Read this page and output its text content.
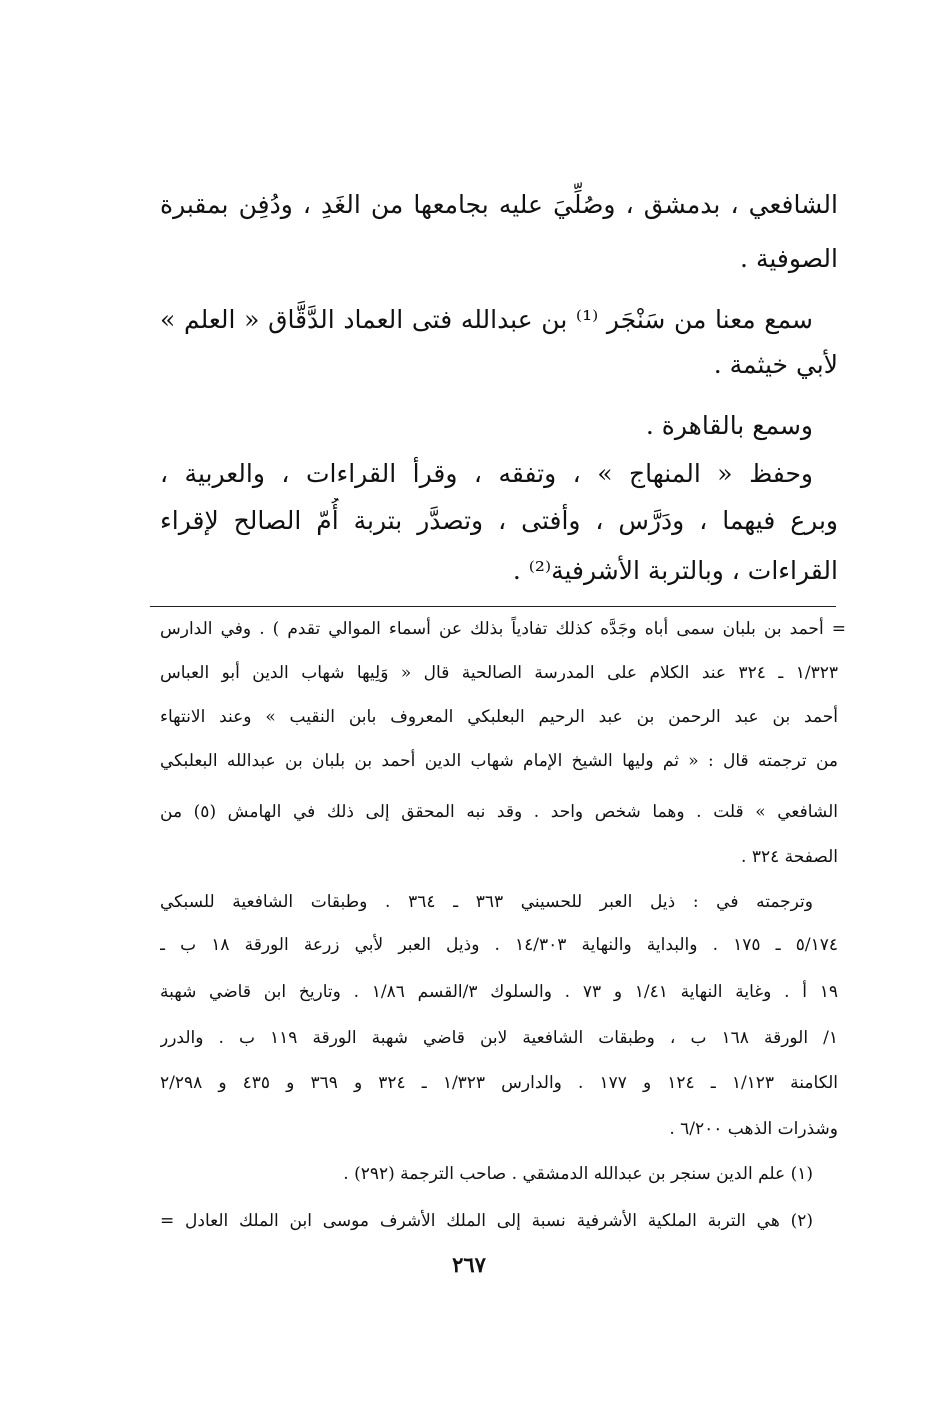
الشافعي ، بدمشق ، وصُلِّيَ عليه بجامعها من الغَدِ ، ودُفِن بمقبرة
الصوفية .
سمع معنا من سَنْجَر ⁽¹⁾ بن عبدالله فتى العماد الدَّقَّاق « العلم »
لأبي خيثمة .
وسمع بالقاهرة .
وحفظ « المنهاج » ، وتفقه ، وقرأ القراءات ، والعربية ،
وبرع فيهما ، ودَرَّس ، وأفتى ، وتصدَّر بتربة أُمّ الصالح لإقراء
القراءات ، وبالتربة الأشرفية⁽²⁾ .
= أحمد بن بلبان سمى أباه وجَدَّه كذلك تفادياً بذلك عن أسماء الموالي تقدم ) . وفي الدارس
١/٣٢٣ ـ ٣٢٤ عند الكلام على المدرسة الصالحية قال « وَلِيها شهاب الدين أبو العباس
أحمد بن عبد الرحمن بن عبد الرحيم البعلبكي المعروف بابن النقيب » وعند الانتهاء
من ترجمته قال : « ثم وليها الشيخ الإمام شهاب الدين أحمد بن بلبان بن عبدالله البعلبكي
الشافعي » قلت . وهما شخص واحد . وقد نبه المحقق إلى ذلك في الهامش (٥) من
الصفحة ٣٢٤ .
وترجمته في : ذيل العبر للحسيني ٣٦٣ ـ ٣٦٤ . وطبقات الشافعية للسبكي
٥/١٧٤ ـ ١٧٥ . والبداية والنهاية ١٤/٣٠٣ . وذيل العبر لأبي زرعة الورقة ١٨ ب ـ
١٩ أ . وغاية النهاية ١/٤١ و ٧٣ . والسلوك ٣/القسم ١/٨٦ . وتاريخ ابن قاضي شهبة
١/ الورقة ١٦٨ ب ، وطبقات الشافعية لابن قاضي شهبة الورقة ١١٩ ب . والدرر
الكامنة ١/١٢٣ ـ ١٢٤ و ١٧٧ . والدارس ١/٣٢٣ ـ ٣٢٤ و ٣٦٩ و ٤٣٥ و ٢/٢٩٨
وشذرات الذهب ٦/٢٠٠ .
(١) علم الدين سنجر بن عبدالله الدمشقي . صاحب الترجمة (٢٩٢) .
(٢) هي التربة الملكية الأشرفية نسبة إلى الملك الأشرف موسى ابن الملك العادل =
٢٦٧
